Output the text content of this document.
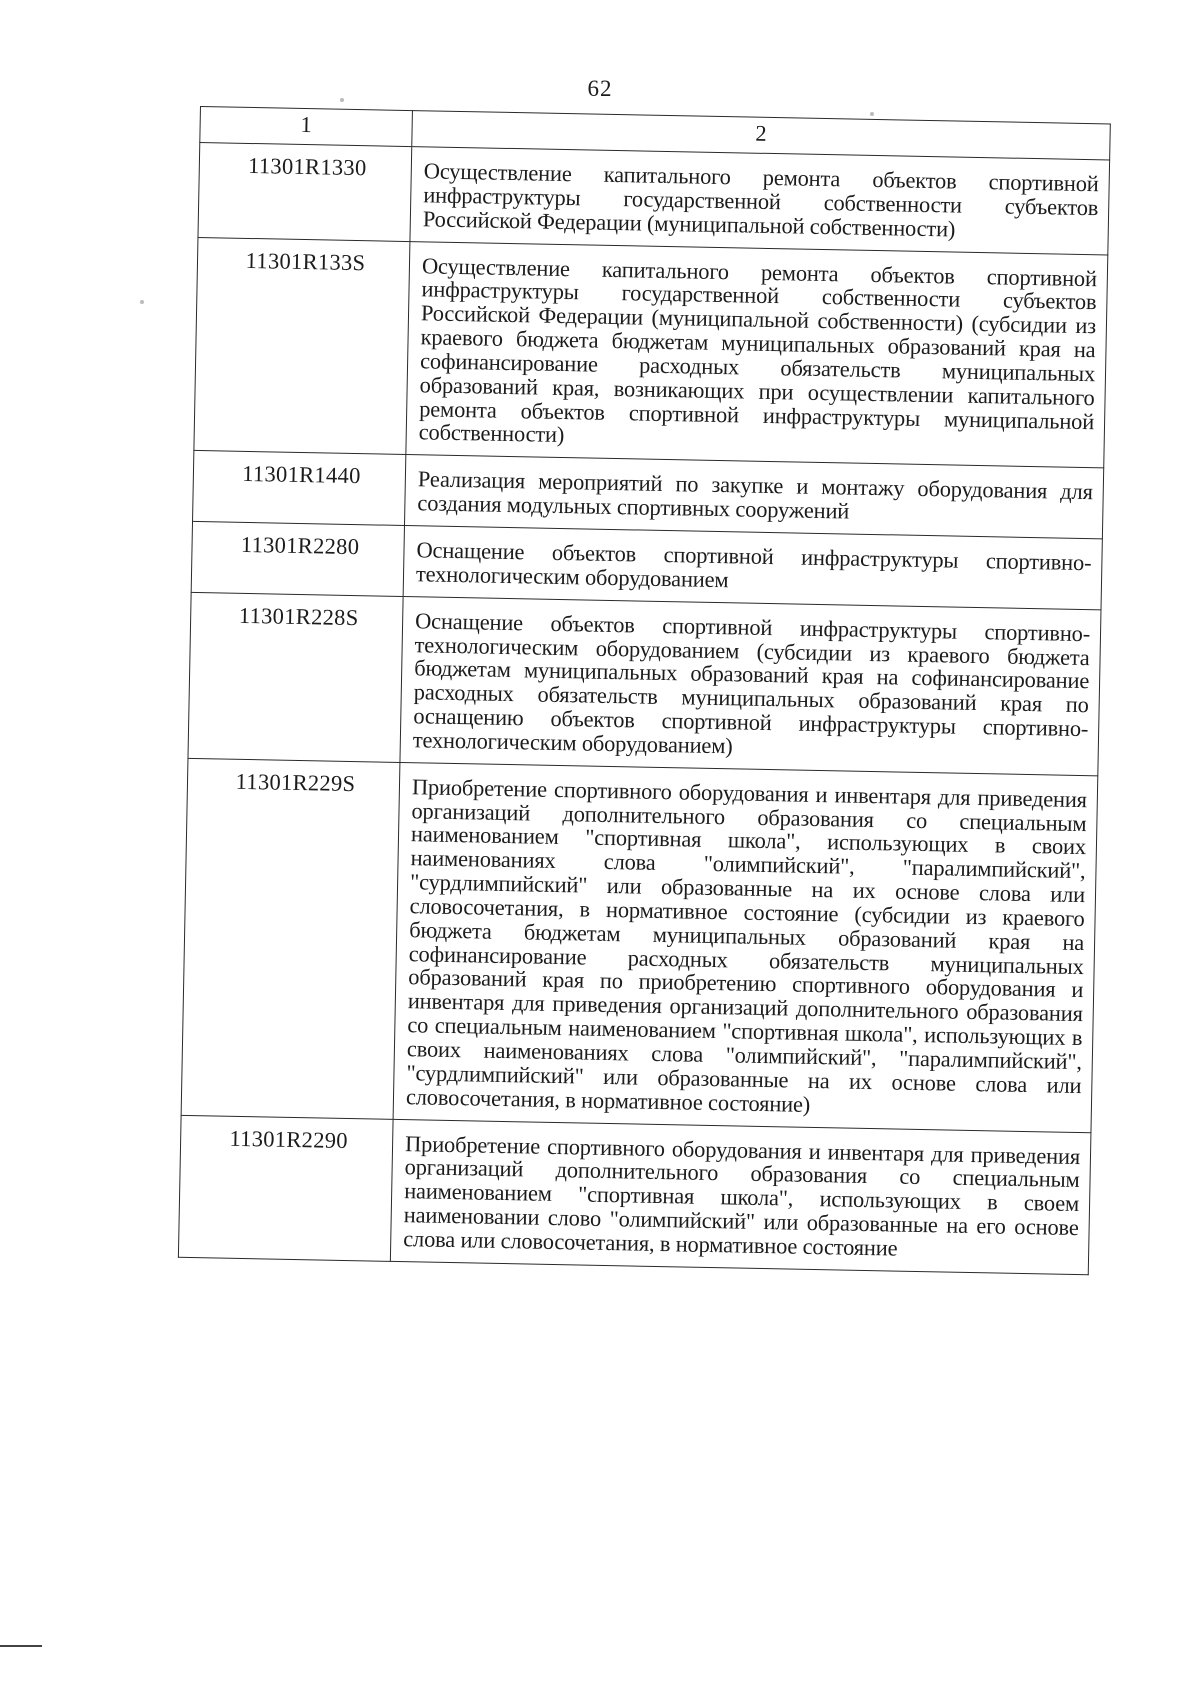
62
1	2
11301R1330	Осуществление капитального ремонта объектов спортивной инфраструктуры государственной собственности субъектов Российской Федерации (муниципальной собственности)
11301R133S	Осуществление капитального ремонта объектов спортивной инфраструктуры государственной собственности субъектов Российской Федерации (муниципальной собственности) (субсидии из краевого бюджета бюджетам муниципальных образований края на софинансирование расходных обязательств муниципальных образований края, возникающих при осуществлении капитального ремонта объектов спортивной инфраструктуры муниципальной собственности)
11301R1440	Реализация мероприятий по закупке и монтажу оборудования для создания модульных спортивных сооружений
11301R2280	Оснащение объектов спортивной инфраструктуры спортивно-технологическим оборудованием
11301R228S	Оснащение объектов спортивной инфраструктуры спортивно-технологическим оборудованием (субсидии из краевого бюджета бюджетам муниципальных образований края на софинансирование расходных обязательств муниципальных образований края по оснащению объектов спортивной инфраструктуры спортивно-технологическим оборудованием)
11301R229S	Приобретение спортивного оборудования и инвентаря для приведения организаций дополнительного образования со специальным наименованием "спортивная школа", использующих в своих наименованиях слова "олимпийский", "паралимпийский", "сурдлимпийский" или образованные на их основе слова или словосочетания, в нормативное состояние (субсидии из краевого бюджета бюджетам муниципальных образований края на софинансирование расходных обязательств муниципальных образований края по приобретению спортивного оборудования и инвентаря для приведения организаций дополнительного образования со специальным наименованием "спортивная школа", использующих в своих наименованиях слова "олимпийский", "паралимпийский", "сурдлимпийский" или образованные на их основе слова или словосочетания, в нормативное состояние)
11301R2290	Приобретение спортивного оборудования и инвентаря для приведения организаций дополнительного образования со специальным наименованием "спортивная школа", использующих в своем наименовании слово "олимпийский" или образованные на его основе слова или словосочетания, в нормативное состояние
